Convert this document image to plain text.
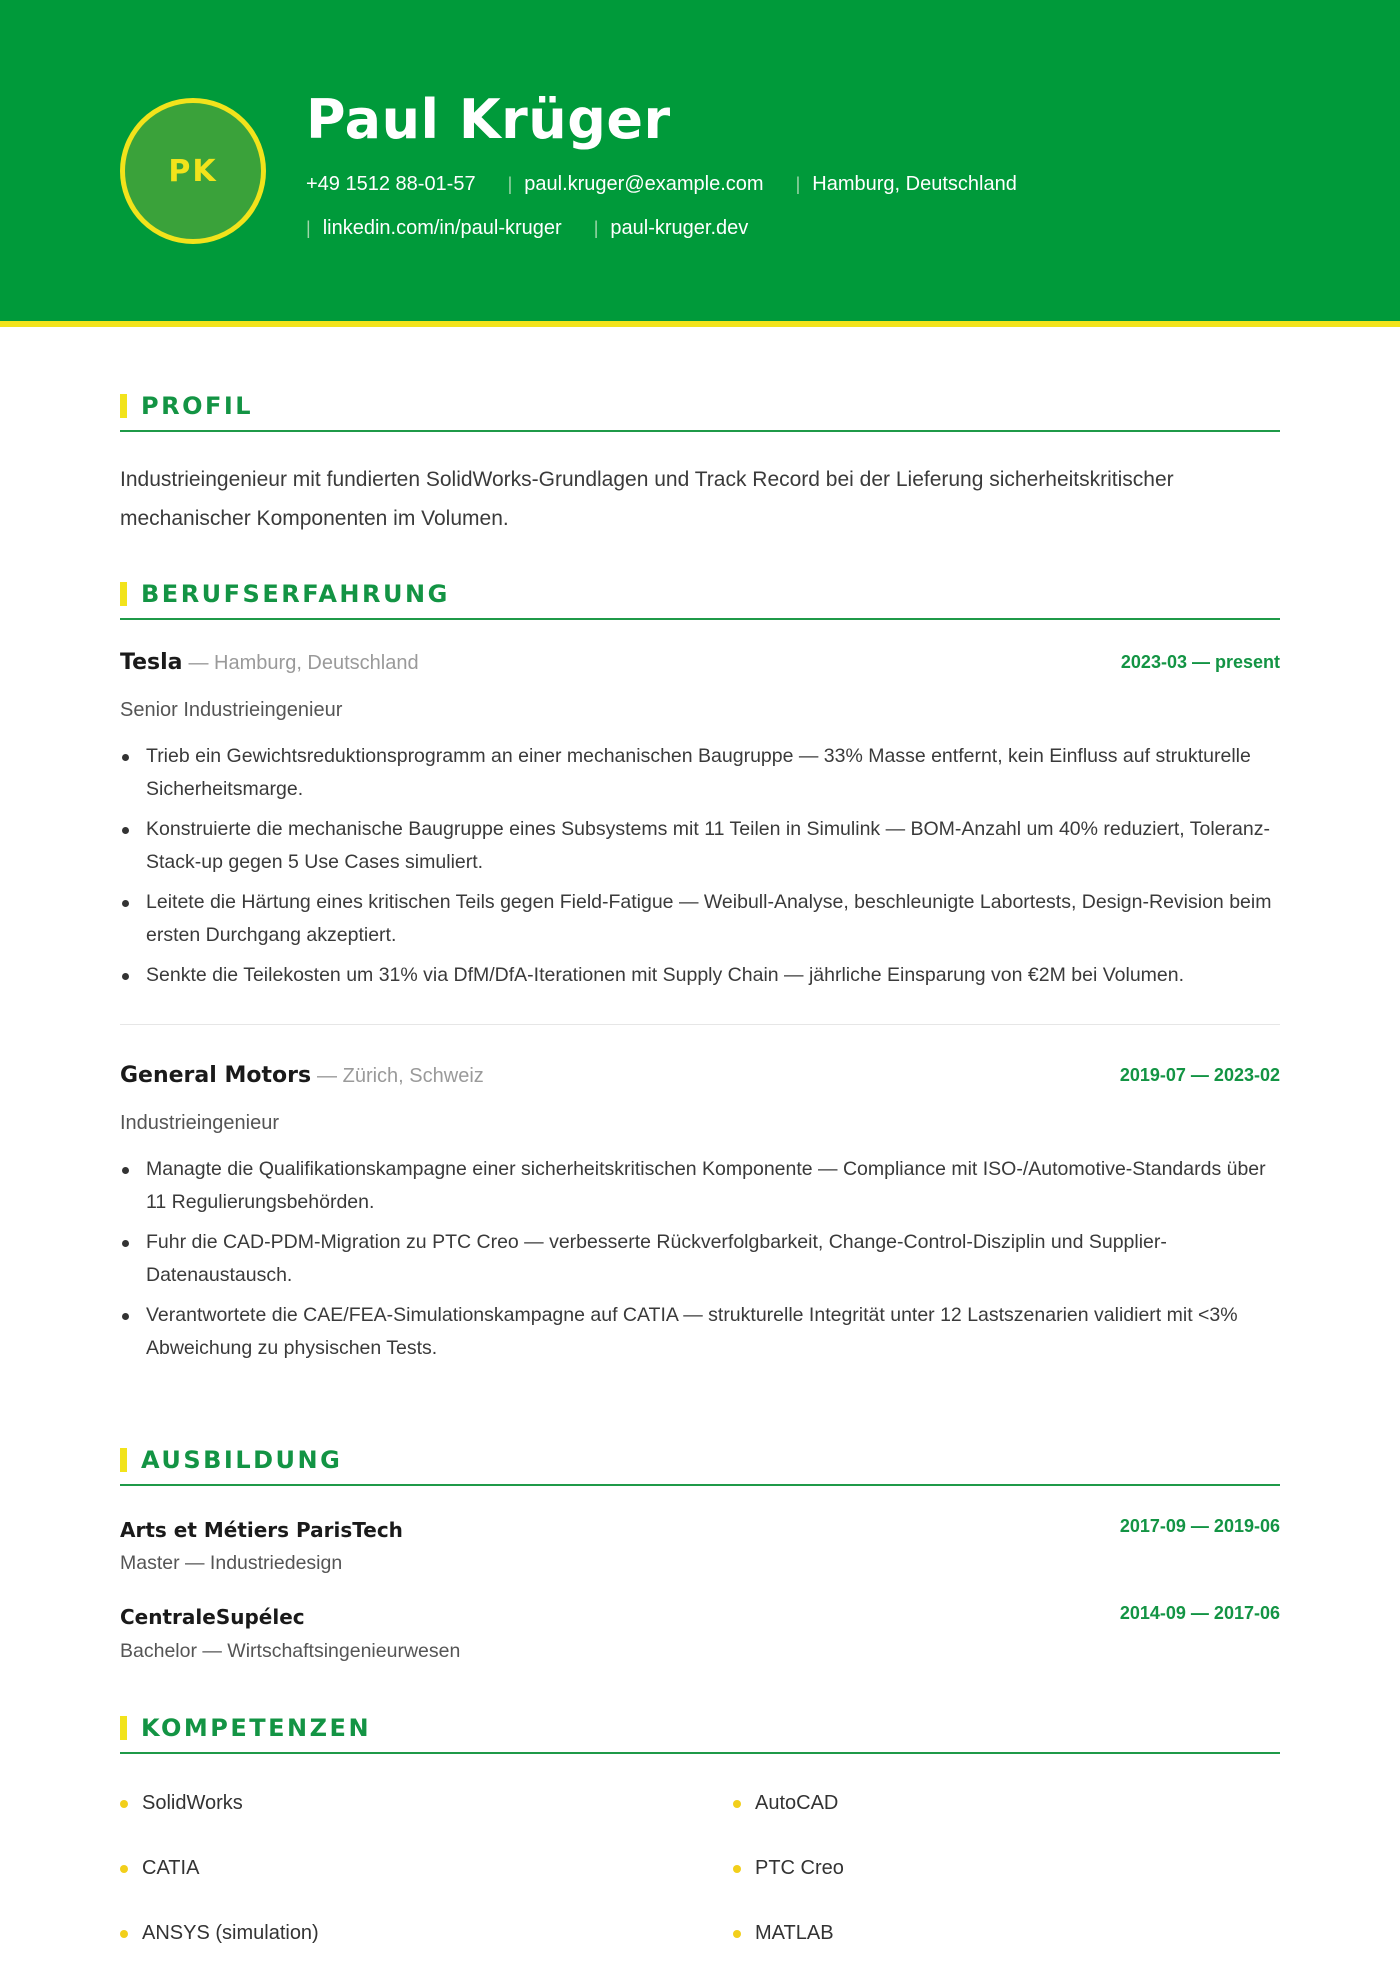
PK
Paul Krüger
+49 1512 88-01-57 | paul.kruger@example.com | Hamburg, Deutschland
| linkedin.com/in/paul-kruger | paul-kruger.dev
PROFIL
Industrieingenieur mit fundierten SolidWorks-Grundlagen und Track Record bei der Lieferung sicherheitskritischer mechanischer Komponenten im Volumen.
BERUFSERFAHRUNG
Tesla — Hamburg, Deutschland	2023-03 — present
Senior Industrieingenieur
Trieb ein Gewichtsreduktionsprogramm an einer mechanischen Baugruppe — 33% Masse entfernt, kein Einfluss auf strukturelle Sicherheitsmarge.
Konstruierte die mechanische Baugruppe eines Subsystems mit 11 Teilen in Simulink — BOM-Anzahl um 40% reduziert, Toleranz-Stack-up gegen 5 Use Cases simuliert.
Leitete die Härtung eines kritischen Teils gegen Field-Fatigue — Weibull-Analyse, beschleunigte Labortests, Design-Revision beim ersten Durchgang akzeptiert.
Senkte die Teilekosten um 31% via DfM/DfA-Iterationen mit Supply Chain — jährliche Einsparung von €2M bei Volumen.
General Motors — Zürich, Schweiz	2019-07 — 2023-02
Industrieingenieur
Managte die Qualifikationskampagne einer sicherheitskritischen Komponente — Compliance mit ISO-/Automotive-Standards über 11 Regulierungsbehörden.
Fuhr die CAD-PDM-Migration zu PTC Creo — verbesserte Rückverfolgbarkeit, Change-Control-Disziplin und Supplier-Datenaustausch.
Verantwortete die CAE/FEA-Simulationskampagne auf CATIA — strukturelle Integrität unter 12 Lastszenarien validiert mit <3% Abweichung zu physischen Tests.
AUSBILDUNG
Arts et Métiers ParisTech	2017-09 — 2019-06
Master — Industriedesign
CentraleSupélec	2014-09 — 2017-06
Bachelor — Wirtschaftsingenieurwesen
KOMPETENZEN
SolidWorks	AutoCAD
CATIA	PTC Creo
ANSYS (simulation)	MATLAB
